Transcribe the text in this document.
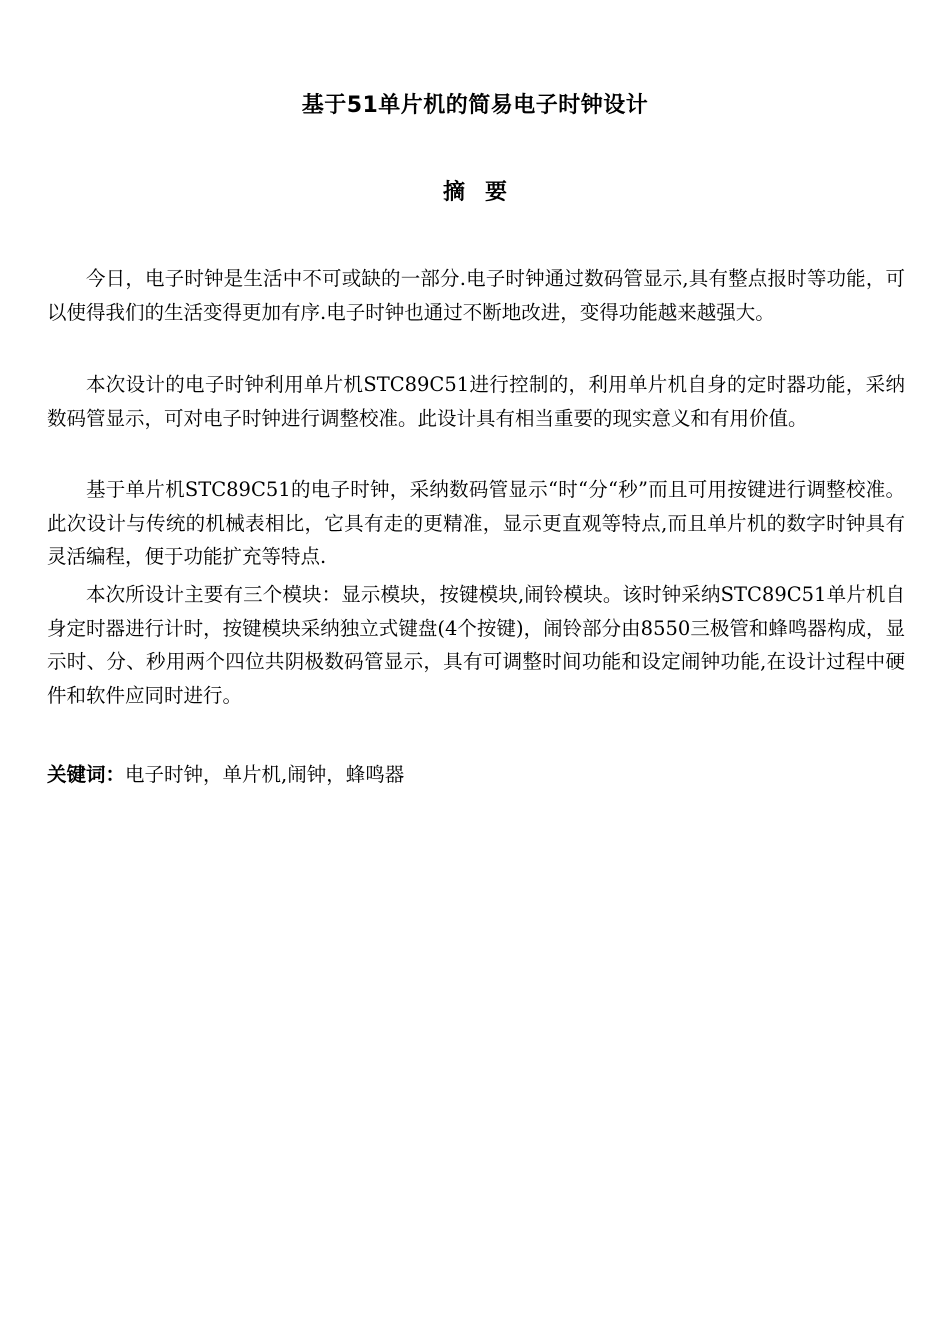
基于51单片机的简易电子时钟设计
摘要

今日，电子时钟是生活中不可或缺的一部分.电子时钟通过数码管显示,具有整点报时等功能，可以使得我们的生活变得更加有序.电子时钟也通过不断地改进，变得功能越来越强大。

本次设计的电子时钟利用单片机STC89C51进行控制的，利用单片机自身的定时器功能，采纳数码管显示，可对电子时钟进行调整校准。此设计具有相当重要的现实意义和有用价值。

基于单片机STC89C51的电子时钟，采纳数码管显示“时“分“秒”而且可用按键进行调整校准。此次设计与传统的机械表相比，它具有走的更精准，显示更直观等特点,而且单片机的数字时钟具有灵活编程，便于功能扩充等特点.

本次所设计主要有三个模块：显示模块，按键模块,闹铃模块。该时钟采纳STC89C51单片机自身定时器进行计时，按键模块采纳独立式键盘(4个按键)，闹铃部分由8550三极管和蜂鸣器构成，显示时、分、秒用两个四位共阴极数码管显示，具有可调整时间功能和设定闹钟功能,在设计过程中硬件和软件应同时进行。

关键词：电子时钟，单片机,闹钟，蜂鸣器
